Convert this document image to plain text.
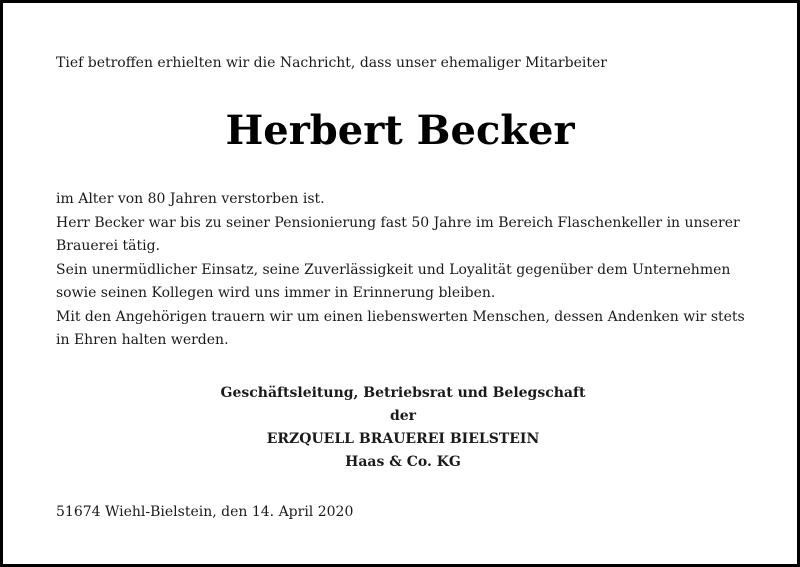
Tief betroffen erhielten wir die Nachricht, dass unser ehemaliger Mitarbeiter

Herbert Becker

im Alter von 80 Jahren verstorben ist.

Herr Becker war bis zu seiner Pensionierung fast 50 Jahre im Bereich Flaschenkeller in unserer Brauerei tätig.

Sein unermüdlicher Einsatz, seine Zuverlässigkeit und Loyalität gegenüber dem Unternehmen sowie seinen Kollegen wird uns immer in Erinnerung bleiben.

Mit den Angehörigen trauern wir um einen liebenswerten Menschen, dessen Andenken wir stets in Ehren halten werden.

Geschäftsleitung, Betriebsrat und Belegschaft
der
ERZQUELL BRAUEREI BIELSTEIN
Haas & Co. KG

51674 Wiehl-Bielstein, den 14. April 2020
